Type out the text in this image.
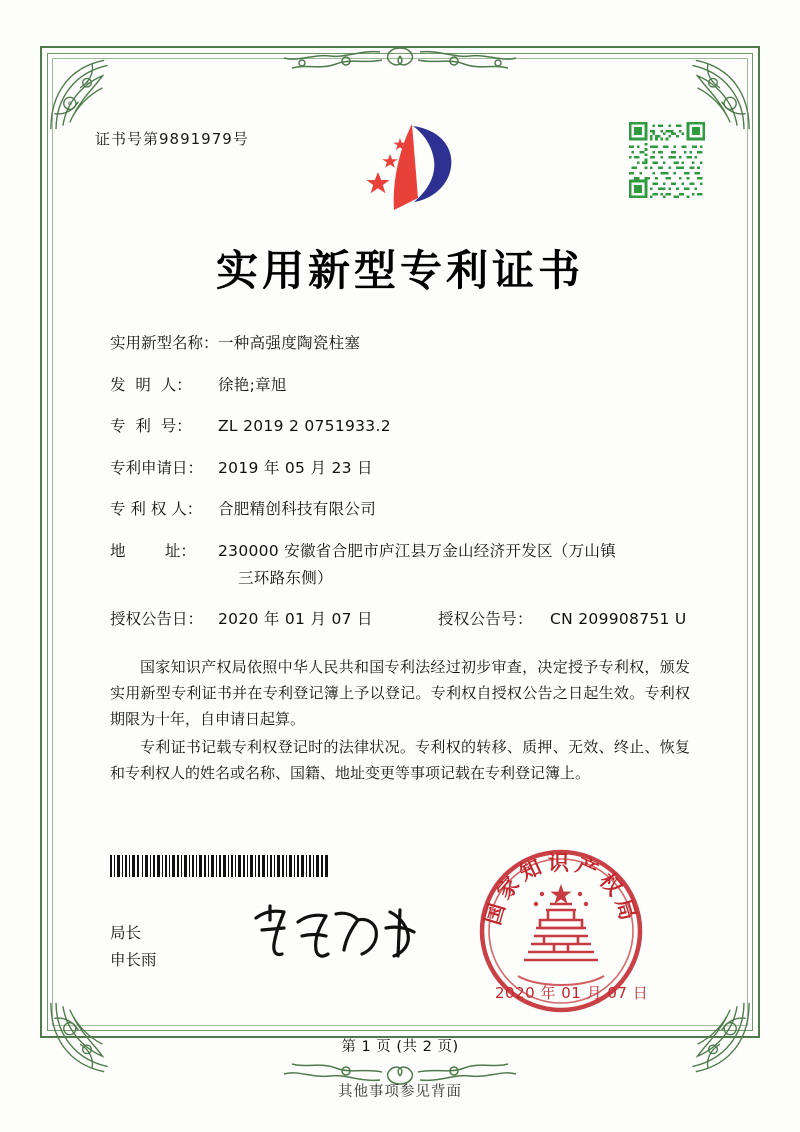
证书号第9891979号
实用新型专利证书
实用新型名称： 一种高强度陶瓷柱塞
发  明  人：	徐艳;章旭
专  利  号：	ZL 2019 2 0751933.2
专利申请日： 2019 年 05 月 23 日
专 利 权 人：	合肥精创科技有限公司
地        址：	230000 安徽省合肥市庐江县万金山经济开发区（万山镇
三环路东侧）
授权公告日： 2020 年 01 月 07 日	授权公告号：	CN 209908751 U

国家知识产权局依照中华人民共和国专利法经过初步审查，决定授予专利权，颁发实用新型专利证书并在专利登记簿上予以登记。专利权自授权公告之日起生效。专利权期限为十年，自申请日起算。

专利证书记载专利权登记时的法律状况。专利权的转移、质押、无效、终止、恢复和专利权人的姓名或名称、国籍、地址变更等事项记载在专利登记簿上。

局长
申长雨
国家知识产权局
2020 年 01 月 07 日
第 1 页 (共 2 页)
其他事项参见背面
